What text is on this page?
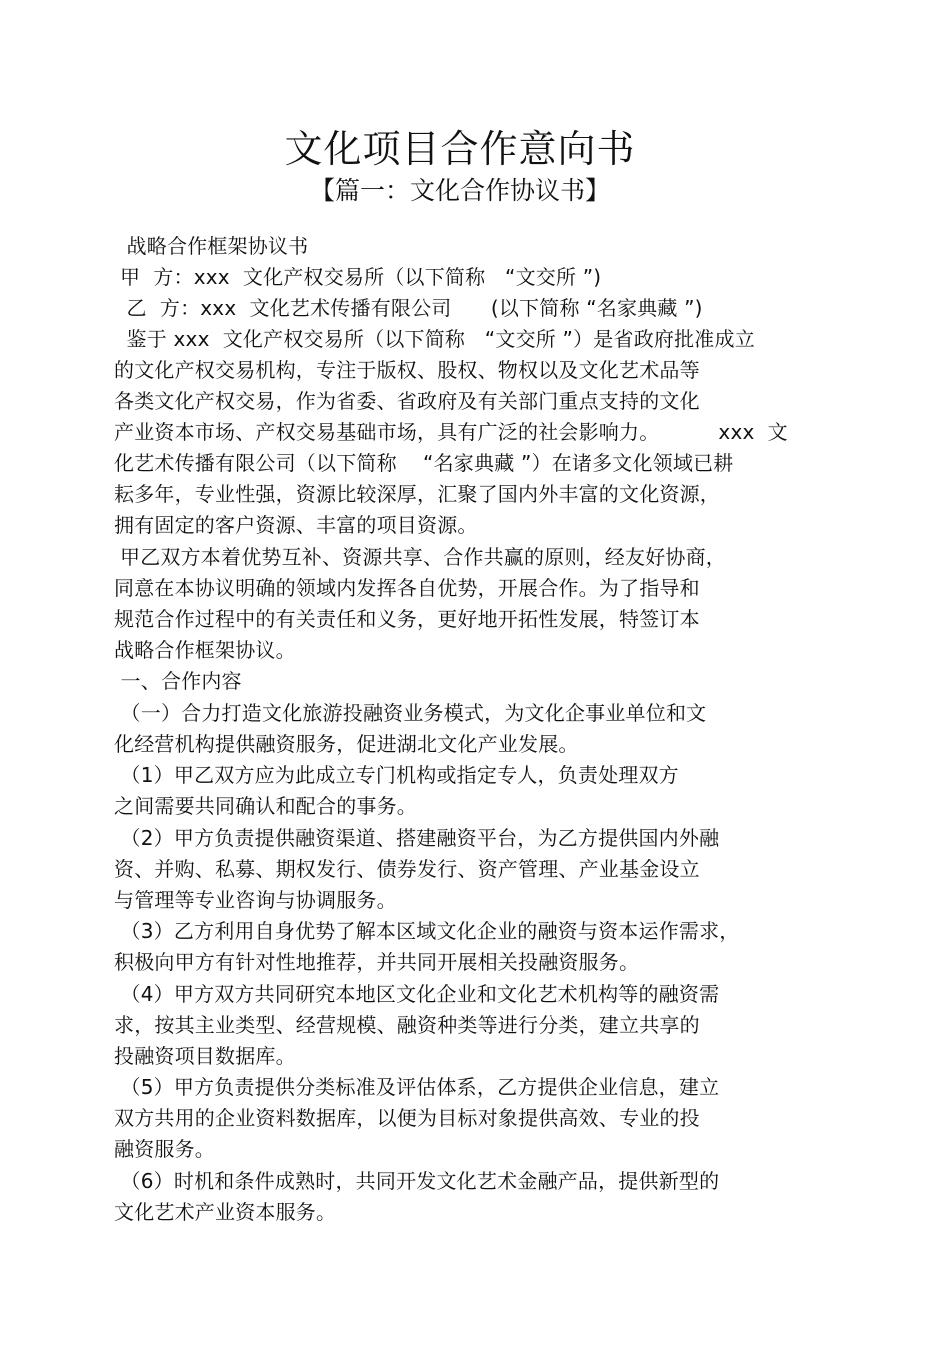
文化项目合作意向书
【篇一：文化合作协议书】
战略合作框架协议书
甲  方：xxx  文化产权交易所（以下简称   “文交所 ”)
乙  方：xxx  文化艺术传播有限公司      (以下简称 “名家典藏 ”)
鉴于 xxx  文化产权交易所（以下简称   “文交所 ”）是省政府批准成立
的文化产权交易机构，专注于版权、股权、物权以及文化艺术品等
各类文化产权交易，作为省委、省政府及有关部门重点支持的文化
产业资本市场、产权交易基础市场，具有广泛的社会影响力。         xxx  文
化艺术传播有限公司（以下简称    “名家典藏 ”）在诸多文化领域已耕
耘多年，专业性强，资源比较深厚，汇聚了国内外丰富的文化资源，
拥有固定的客户资源、丰富的项目资源。
甲乙双方本着优势互补、资源共享、合作共赢的原则，经友好协商，
同意在本协议明确的领域内发挥各自优势，开展合作。为了指导和
规范合作过程中的有关责任和义务，更好地开拓性发展，特签订本
战略合作框架协议。
一、合作内容
（一）合力打造文化旅游投融资业务模式，为文化企事业单位和文
化经营机构提供融资服务，促进湖北文化产业发展。
（1）甲乙双方应为此成立专门机构或指定专人，负责处理双方
之间需要共同确认和配合的事务。
（2）甲方负责提供融资渠道、搭建融资平台，为乙方提供国内外融
资、并购、私募、期权发行、债券发行、资产管理、产业基金设立
与管理等专业咨询与协调服务。
（3）乙方利用自身优势了解本区域文化企业的融资与资本运作需求，
积极向甲方有针对性地推荐，并共同开展相关投融资服务。
（4）甲方双方共同研究本地区文化企业和文化艺术机构等的融资需
求，按其主业类型、经营规模、融资种类等进行分类，建立共享的
投融资项目数据库。
（5）甲方负责提供分类标准及评估体系，乙方提供企业信息，建立
双方共用的企业资料数据库，以便为目标对象提供高效、专业的投
融资服务。
（6）时机和条件成熟时，共同开发文化艺术金融产品，提供新型的
文化艺术产业资本服务。
